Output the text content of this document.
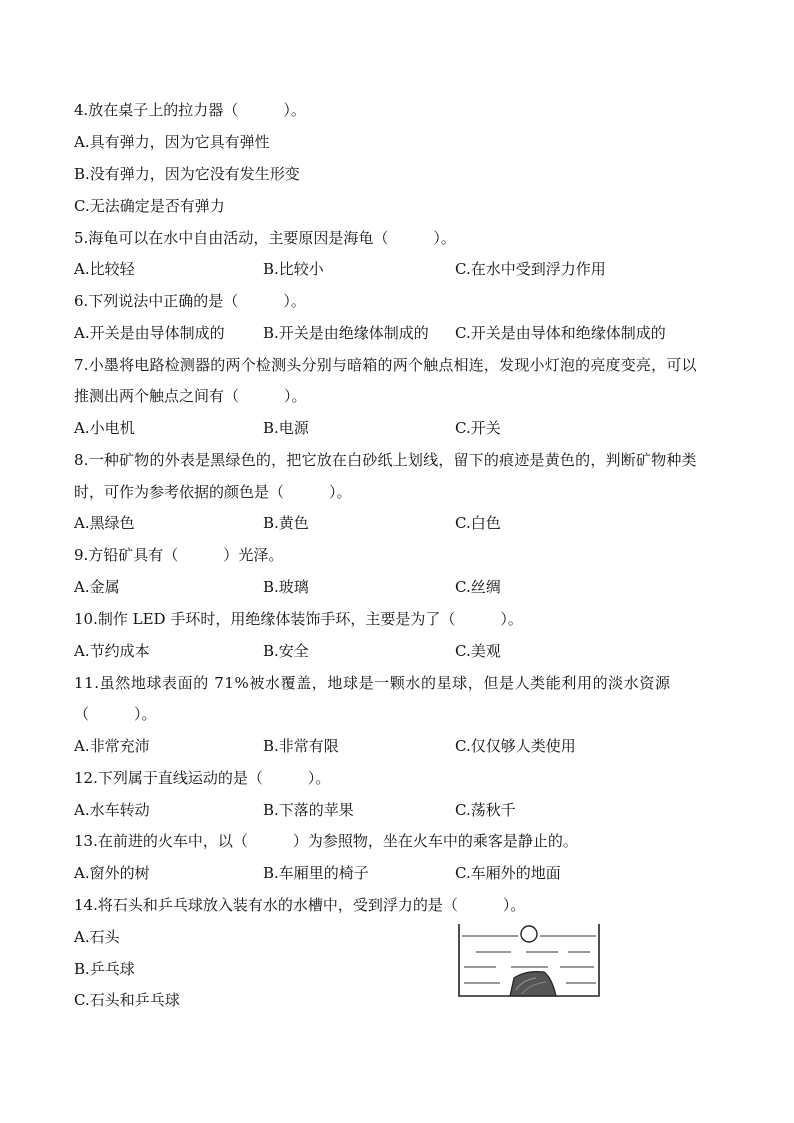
4.放在桌子上的拉力器（　　　）。
A.具有弹力，因为它具有弹性
B.没有弹力，因为它没有发生形变
C.无法确定是否有弹力
5.海龟可以在水中自由活动，主要原因是海龟（　　　）。
A.比较轻	B.比较小	C.在水中受到浮力作用
6.下列说法中正确的是（　　　）。
A.开关是由导体制成的	B.开关是由绝缘体制成的 C.开关是由导体和绝缘体制成的
7.小墨将电路检测器的两个检测头分别与暗箱的两个触点相连，发现小灯泡的亮度变亮，可以
推测出两个触点之间有（　　　）。
A.小电机	B.电源	C.开关
8.一种矿物的外表是黑绿色的，把它放在白砂纸上划线，留下的痕迹是黄色的，判断矿物种类
时，可作为参考依据的颜色是（　　　）。
A.黑绿色	B.黄色	C.白色
9.方铅矿具有（　　　）光泽。
A.金属	B.玻璃	C.丝绸
10.制作 LED 手环时，用绝缘体装饰手环，主要是为了（　　　）。
A.节约成本	B.安全	C.美观
11.虽然地球表面的 71%被水覆盖，地球是一颗水的星球，但是人类能利用的淡水资源
（　　　）。
A.非常充沛	B.非常有限	C.仅仅够人类使用
12.下列属于直线运动的是（　　　）。
A.水车转动	B.下落的苹果	C.荡秋千
13.在前进的火车中，以（　　　）为参照物，坐在火车中的乘客是静止的。
A.窗外的树	B.车厢里的椅子	C.车厢外的地面
14.将石头和乒乓球放入装有水的水槽中，受到浮力的是（　　　）。
A.石头
B.乒乓球
C.石头和乒乓球
